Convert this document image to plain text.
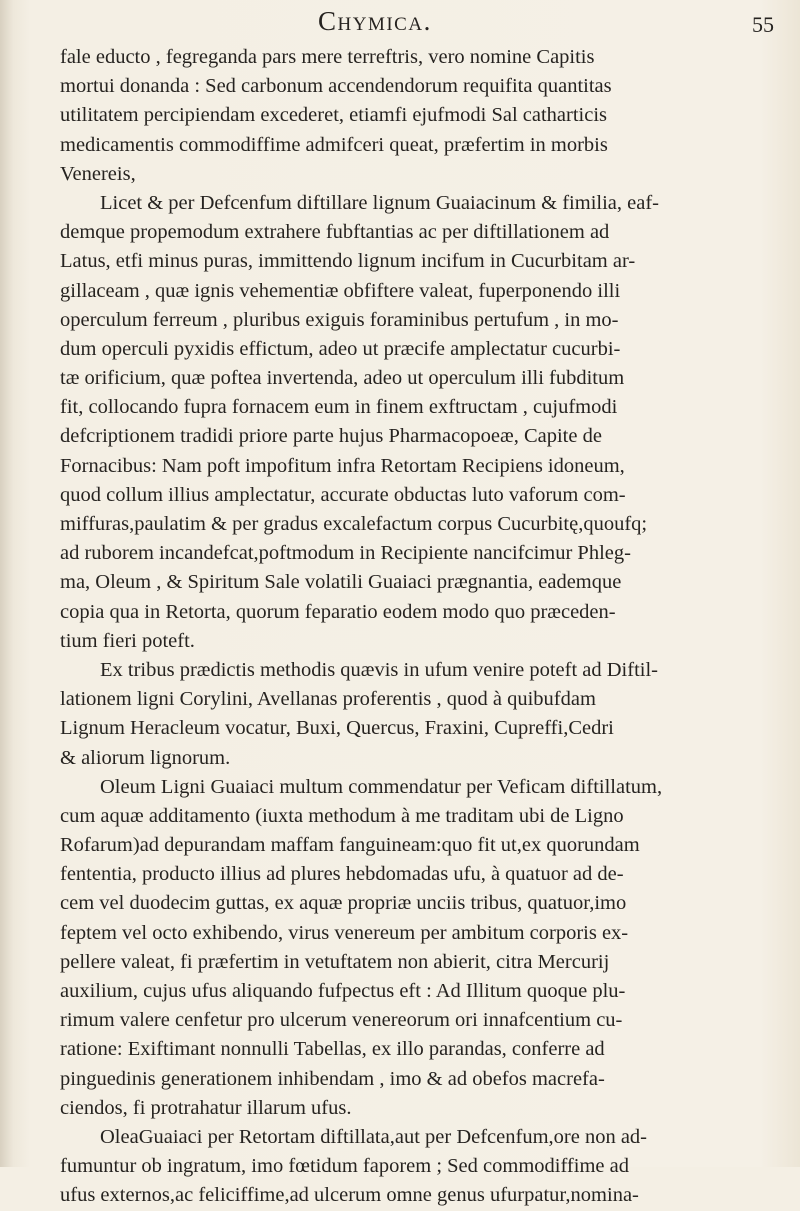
Chymica.	55
fale educto , fegreganda pars mere terreftris, vero nomine Capitis
mortui donanda : Sed carbonum accendendorum requifita quantitas
utilitatem percipiendam excederet, etiamfi ejufmodi Sal catharticis
medicamentis commodiffime admifceri queat, præfertim in morbis
Venereis,
Licet & per Defcenfum diftillare lignum Guaiacinum & fimilia, eaf-
demque propemodum extrahere fubftantias ac per diftillationem ad
Latus, etfi minus puras, immittendo lignum incifum in Cucurbitam ar-
gillaceam , quæ ignis vehementiæ obfiftere valeat, fuperponendo illi
operculum ferreum , pluribus exiguis foraminibus pertufum , in mo-
dum operculi pyxidis effictum, adeo ut præcife amplectatur cucurbi-
tæ orificium, quæ poftea invertenda, adeo ut operculum illi fubditum
fit, collocando fupra fornacem eum in finem exftructam , cujufmodi
defcriptionem tradidi priore parte hujus Pharmacopoeæ, Capite de
Fornacibus: Nam poft impofitum infra Retortam Recipiens idoneum,
quod collum illius amplectatur, accurate obductas luto vaforum com-
miffuras,paulatim & per gradus excalefactum corpus Cucurbitę,quoufq;
ad ruborem incandefcat,poftmodum in Recipiente nancifcimur Phleg-
ma, Oleum , & Spiritum Sale volatili Guaiaci prægnantia, eademque
copia qua in Retorta, quorum feparatio eodem modo quo præceden-
tium fieri poteft.
Ex tribus prædictis methodis quævis in ufum venire poteft ad Diftil-
lationem ligni Corylini, Avellanas proferentis , quod à quibufdam
Lignum Heracleum vocatur, Buxi, Quercus, Fraxini, Cupreffi,Cedri
& aliorum lignorum.
Oleum Ligni Guaiaci multum commendatur per Veficam diftillatum,
cum aquæ additamento (iuxta methodum à me traditam ubi de Ligno
Rofarum)ad depurandam maffam fanguineam:quo fit ut,ex quorundam
fententia, producto illius ad plures hebdomadas ufu, à quatuor ad de-
cem vel duodecim guttas, ex aquæ propriæ unciis tribus, quatuor,imo
feptem vel octo exhibendo, virus venereum per ambitum corporis ex-
pellere valeat, fi præfertim in vetuftatem non abierit, citra Mercurij
auxilium, cujus ufus aliquando fufpectus eft : Ad Illitum quoque plu-
rimum valere cenfetur pro ulcerum venereorum ori innafcentium cu-
ratione: Exiftimant nonnulli Tabellas, ex illo parandas, conferre ad
pinguedinis generationem inhibendam , imo & ad obefos macrefa-
ciendos, fi protrahatur illarum ufus.
OleaGuaiaci per Retortam diftillata,aut per Defcenfum,ore non ad-
fumuntur ob ingratum, imo fœtidum faporem ; Sed commodiffime ad
ufus externos,ac feliciffime,ad ulcerum omne genus ufurpatur,nomina-
